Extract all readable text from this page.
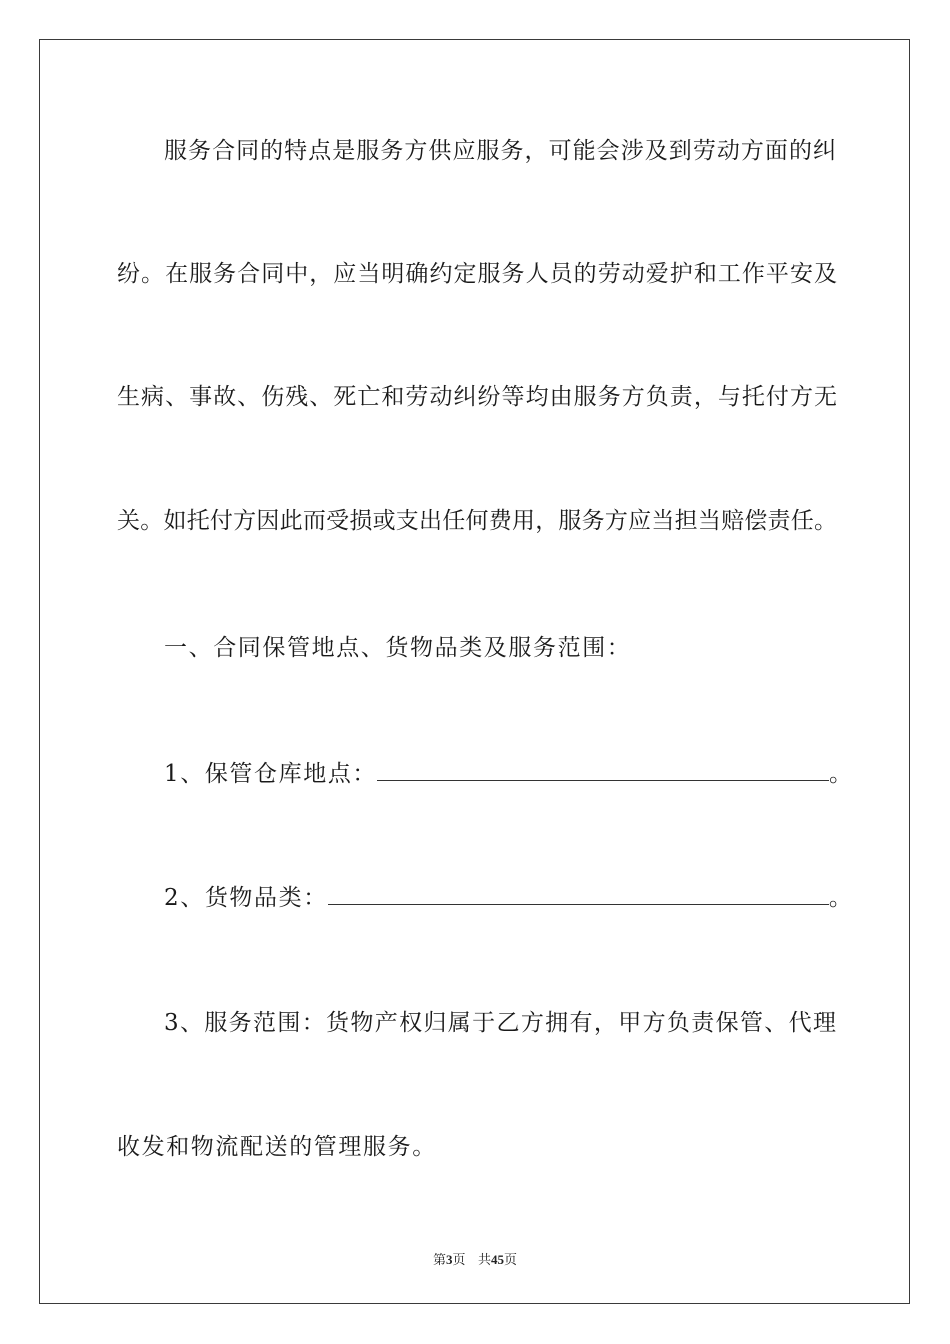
服务合同的特点是服务方供应服务，可能会涉及到劳动方面的纠
纷。在服务合同中，应当明确约定服务人员的劳动爱护和工作平安及
生病、事故、伤残、死亡和劳动纠纷等均由服务方负责，与托付方无
关。如托付方因此而受损或支出任何费用，服务方应当担当赔偿责任。
一、合同保管地点、货物品类及服务范围：
1、保管仓库地点：	。
2、货物品类：	。
3、服务范围：货物产权归属于乙方拥有，甲方负责保管、代理
收发和物流配送的管理服务。
第3页 共45页
